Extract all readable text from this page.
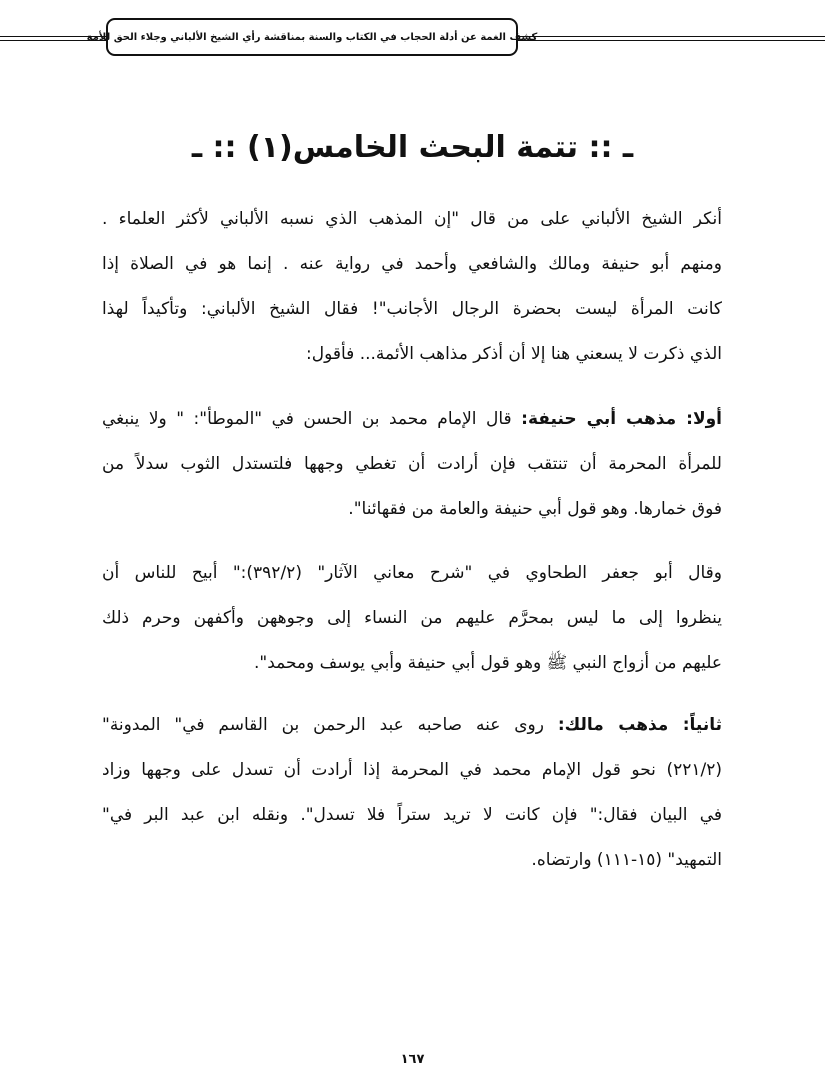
كشف الغمة عن أدلة الحجاب في الكتاب والسنة بمناقشة رأي الشيخ الألباني وجلاء الحق للأمة
ـ :: تتمة البحث الخامس(١) :: ـ
أنكر الشيخ الألباني على من قال "إن المذهب الذي نسبه الألباني لأكثر العلماء .
ومنهم أبو حنيفة ومالك والشافعي وأحمد في رواية عنه . إنما هو في الصلاة إذا
كانت المرأة ليست بحضرة الرجال الأجانب"! فقال الشيخ الألباني: وتأكيداً لهذا
الذي ذكرت لا يسعني هنا إلا أن أذكر مذاهب الأئمة... فأقول:
أولا: مذهب أبي حنيفة: قال الإمام محمد بن الحسن في "الموطأ": " ولا ينبغي
للمرأة المحرمة أن تنتقب فإن أرادت أن تغطي وجهها فلتستدل الثوب سدلاً من
فوق خمارها. وهو قول أبي حنيفة والعامة من فقهائنا".
وقال أبو جعفر الطحاوي في "شرح معاني الآثار" (٣٩٢/٢):" أبيح للناس أن
ينظروا إلى ما ليس بمحرَّم عليهم من النساء إلى وجوههن وأكفهن وحرم ذلك
عليهم من أزواج النبي ﷺ وهو قول أبي حنيفة وأبي يوسف ومحمد".
ثانياً: مذهب مالك: روى عنه صاحبه عبد الرحمن بن القاسم في" المدونة"
(٢٢١/٢) نحو قول الإمام محمد في المحرمة إذا أرادت أن تسدل على وجهها وزاد
في البيان فقال:" فإن كانت لا تريد ستراً فلا تسدل". ونقله ابن عبد البر في"
التمهيد" (١٥-١١١) وارتضاه.
١٦٧
